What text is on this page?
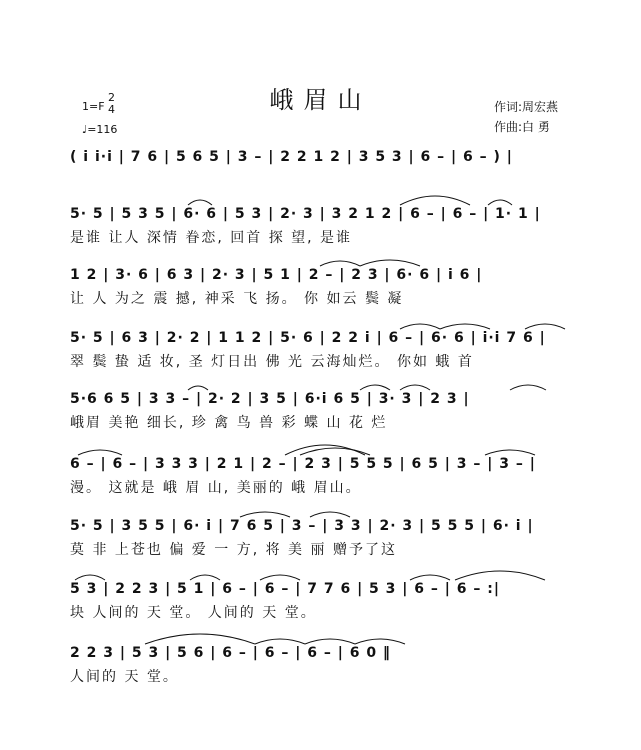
峨眉山
1=F
2
4
♩=116
作词:周宏燕
作曲:白 勇
( i i·i | 7 6 | 5 6 5 | 3 – | 2 2 1 2 | 3 5 3 | 6 – | 6 – ) |
5· 5 | 5 3 5 | 6· 6 | 5 3 | 2· 3 | 3 2 1 2 | 6 – | 6 – | 1· 1 |
是谁 让人 深情 眷恋, 回首 探 望, 是谁
1 2 | 3· 6 | 6 3 | 2· 3 | 5 1 | 2 – | 2 3 | 6· 6 | i 6 |
让 人 为之 震 撼, 神采 飞 扬。 你 如云 鬓 凝
5· 5 | 6 3 | 2· 2 | 1 1 2 | 5· 6 | 2 2 i | 6 – | 6· 6 | i·i 7 6 |
翠 鬓 蛰 适 妆, 圣 灯日出 佛 光 云海灿烂。 你如 蛾 首
5·6 6 5 | 3 3 – | 2· 2 | 3 5 | 6·i 6 5 | 3· 3 | 2 3 |
峨眉 美艳 细长, 珍 禽 鸟 兽 彩 蝶 山 花 烂
6 – | 6 – | 3 3 3 | 2 1 | 2 – | 2 3 | 5 5 5 | 6 5 | 3 – | 3 – |
漫。 这就是 峨 眉 山, 美丽的 峨 眉山。
5· 5 | 3 5 5 | 6· i | 7 6 5 | 3 – | 3 3 | 2· 3 | 5 5 5 | 6· i |
莫 非 上苍也 偏 爱 一 方, 将 美 丽 赠予了这
5 3 | 2 2 3 | 5 1 | 6 – | 6 – | 7 7 6 | 5 3 | 6 – | 6 – :|
块 人间的 天 堂。 人间的 天 堂。
2 2 3 | 5 3 | 5 6 | 6 – | 6 – | 6 – | 6 0 ‖
人间的 天 堂。
